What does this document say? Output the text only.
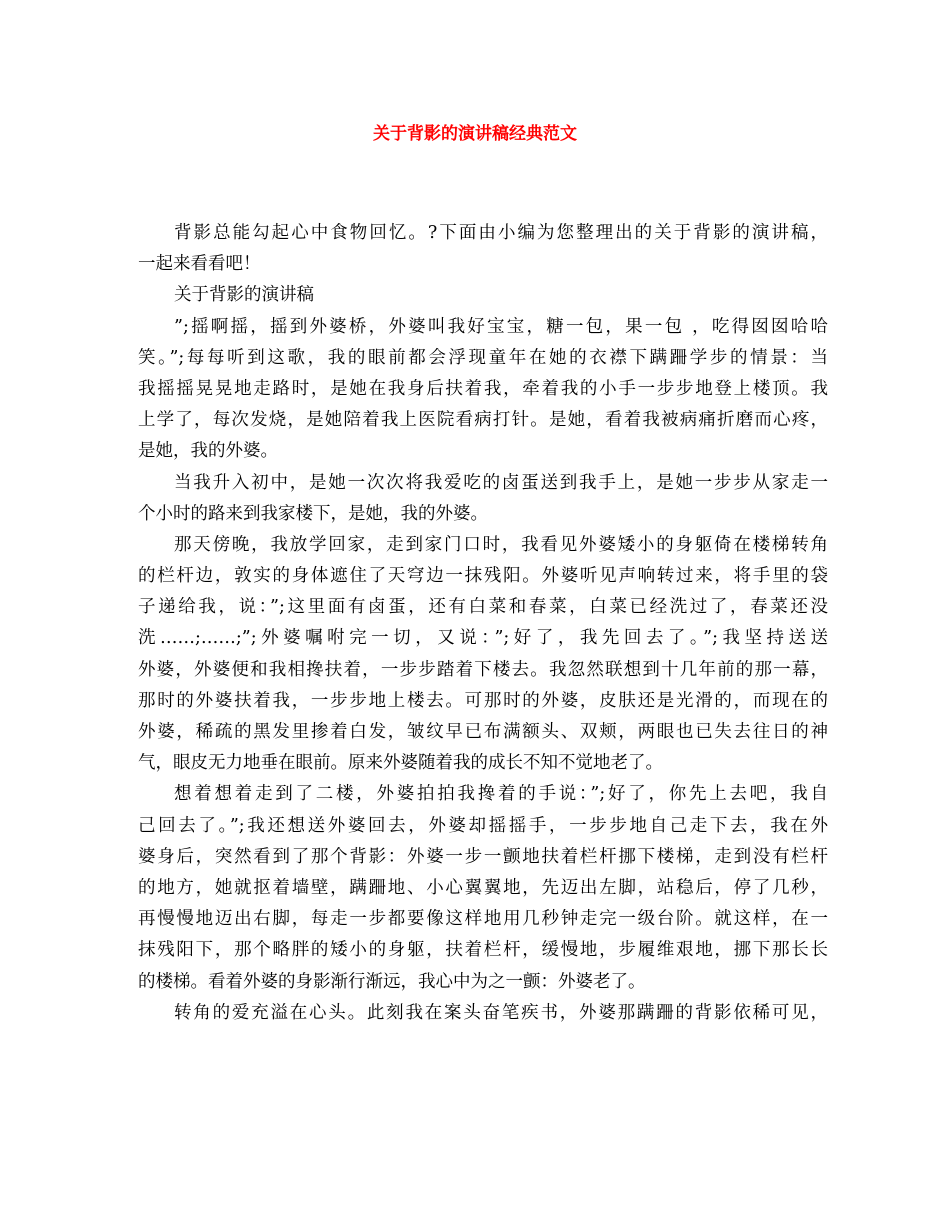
关于背影的演讲稿经典范文
背影总能勾起心中食物回忆。?下面由小编为您整理出的关于背影的演讲稿，
一起来看看吧！
关于背影的演讲稿
”;摇啊摇，摇到外婆桥，外婆叫我好宝宝，糖一包，果一包 ，吃得囡囡哈哈
笑。”;每每听到这歌，我的眼前都会浮现童年在她的衣襟下蹒跚学步的情景：当
我摇摇晃晃地走路时，是她在我身后扶着我，牵着我的小手一步步地登上楼顶。我
上学了，每次发烧，是她陪着我上医院看病打针。是她，看着我被病痛折磨而心疼，
是她，我的外婆。
当我升入初中，是她一次次将我爱吃的卤蛋送到我手上，是她一步步从家走一
个小时的路来到我家楼下，是她，我的外婆。
那天傍晚，我放学回家，走到家门口时，我看见外婆矮小的身躯倚在楼梯转角
的栏杆边，敦实的身体遮住了天穹边一抹残阳。外婆听见声响转过来，将手里的袋
子递给我，说：”;这里面有卤蛋，还有白菜和春菜，白菜已经洗过了，春菜还没
洗……;……;”;外婆嘱咐完一切，又说：”;好了，我先回去了。”;我坚持送送
外婆，外婆便和我相搀扶着，一步步踏着下楼去。我忽然联想到十几年前的那一幕，
那时的外婆扶着我，一步步地上楼去。可那时的外婆，皮肤还是光滑的，而现在的
外婆，稀疏的黑发里掺着白发，皱纹早已布满额头、双颊，两眼也已失去往日的神
气，眼皮无力地垂在眼前。原来外婆随着我的成长不知不觉地老了。
想着想着走到了二楼，外婆拍拍我搀着的手说：”;好了，你先上去吧，我自
己回去了。”;我还想送外婆回去，外婆却摇摇手，一步步地自己走下去，我在外
婆身后，突然看到了那个背影：外婆一步一颤地扶着栏杆挪下楼梯，走到没有栏杆
的地方，她就抠着墙壁，蹒跚地、小心翼翼地，先迈出左脚，站稳后，停了几秒，
再慢慢地迈出右脚，每走一步都要像这样地用几秒钟走完一级台阶。就这样，在一
抹残阳下，那个略胖的矮小的身躯，扶着栏杆，缓慢地，步履维艰地，挪下那长长
的楼梯。看着外婆的身影渐行渐远，我心中为之一颤：外婆老了。
转角的爱充溢在心头。此刻我在案头奋笔疾书，外婆那蹒跚的背影依稀可见，
